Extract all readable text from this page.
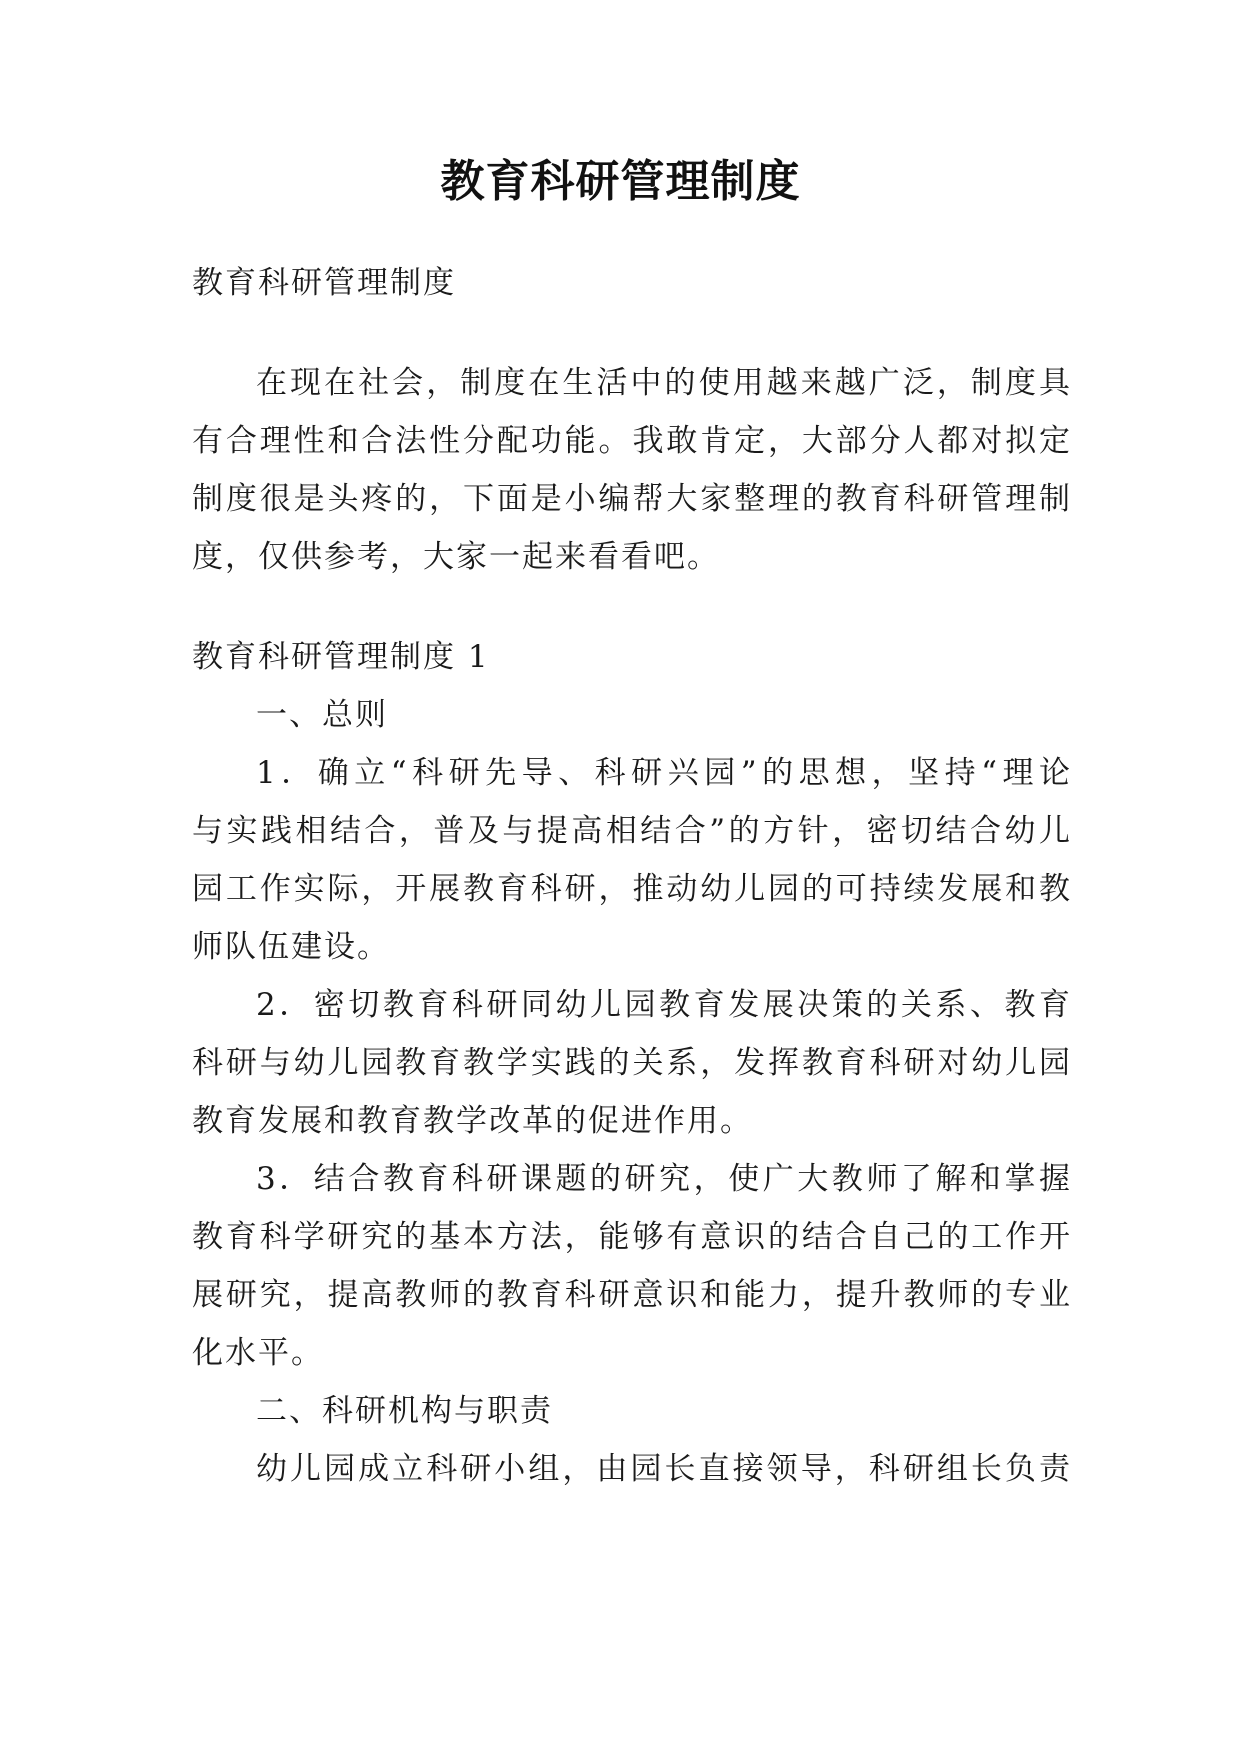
教育科研管理制度
教育科研管理制度
在现在社会，制度在生活中的使用越来越广泛，制度具
有合理性和合法性分配功能。我敢肯定，大部分人都对拟定
制度很是头疼的，下面是小编帮大家整理的教育科研管理制
度，仅供参考，大家一起来看看吧。
教育科研管理制度 1
一、总则
1．确立“科研先导、科研兴园”的思想，坚持“理论
与实践相结合，普及与提高相结合”的方针，密切结合幼儿
园工作实际，开展教育科研，推动幼儿园的可持续发展和教
师队伍建设。
2．密切教育科研同幼儿园教育发展决策的关系、教育
科研与幼儿园教育教学实践的关系，发挥教育科研对幼儿园
教育发展和教育教学改革的促进作用。
3．结合教育科研课题的研究，使广大教师了解和掌握
教育科学研究的基本方法，能够有意识的结合自己的工作开
展研究，提高教师的教育科研意识和能力，提升教师的专业
化水平。
二、科研机构与职责
幼儿园成立科研小组，由园长直接领导，科研组长负责
